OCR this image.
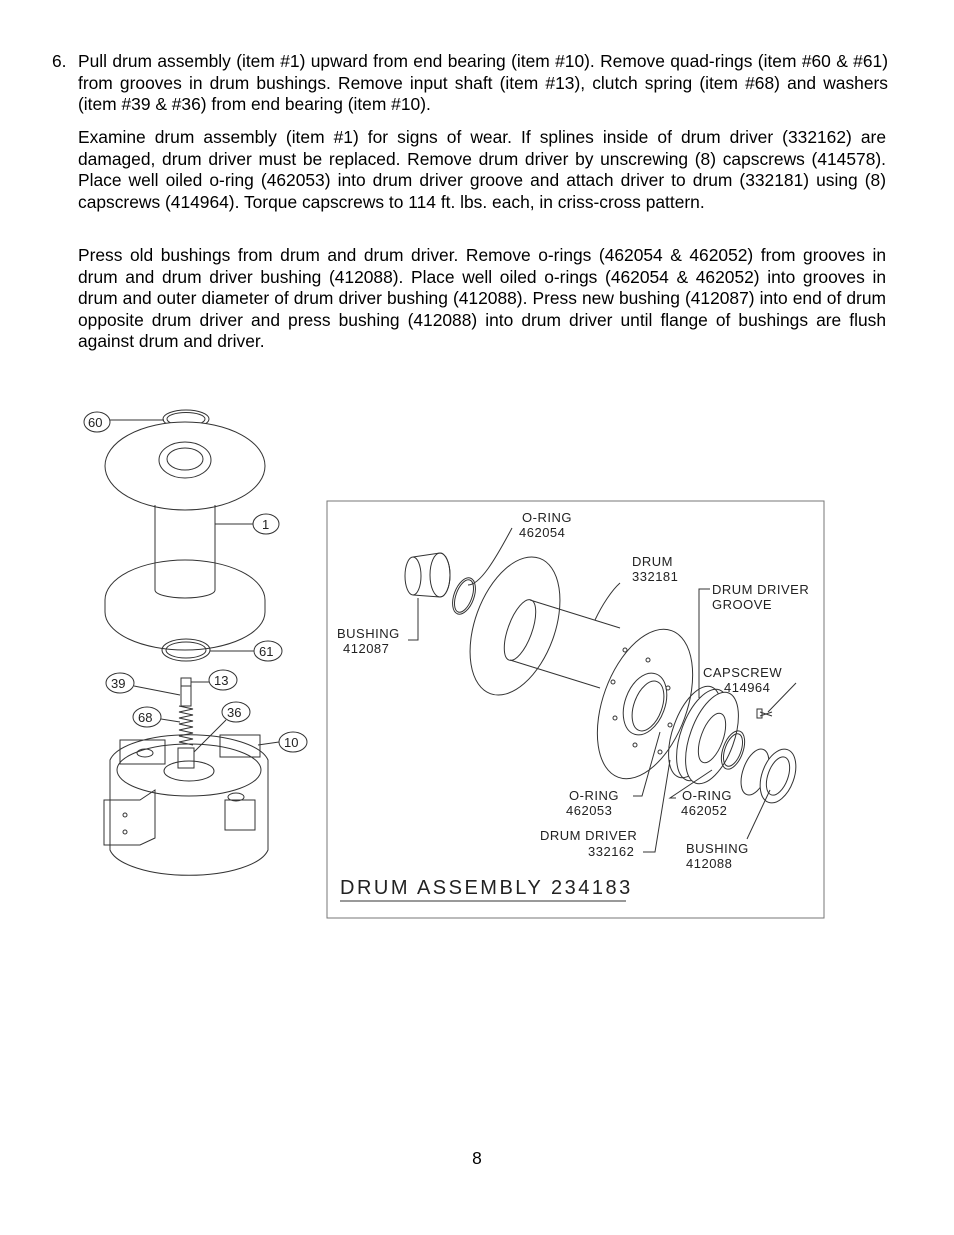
6. Pull drum assembly (item #1) upward from end bearing (item #10). Remove quad-rings (item #60 & #61) from grooves in drum bushings. Remove input shaft (item #13), clutch spring (item #68) and washers (item #39 & #36) from end bearing (item #10).
Examine drum assembly (item #1) for signs of wear. If splines inside of drum driver (332162) are damaged, drum driver must be replaced. Remove drum driver by unscrewing (8) capscrews (414578). Place well oiled o-ring (462053) into drum driver groove and attach driver to drum (332181) using (8) capscrews (414964). Torque capscrews to 114 ft. lbs. each, in criss-cross pattern.
Press old bushings from drum and drum driver. Remove o-rings (462054 & 462052) from grooves in drum and drum driver bushing (412088). Place well oiled o-rings (462054 & 462052) into grooves in drum and outer diameter of drum driver bushing (412088). Press new bushing (412087) into end of drum opposite drum driver and press bushing (412088) into drum driver until flange of bushings are flush against drum and driver.
60
1
61
39	13
68	36
10
O-RING
462054
DRUM
332181
DRUM DRIVER
GROOVE
BUSHING
412087
CAPSCREW
414964
O-RING
462053
O-RING
462052
DRUM DRIVER
332162	BUSHING
412088
DRUM ASSEMBLY 234183
8
